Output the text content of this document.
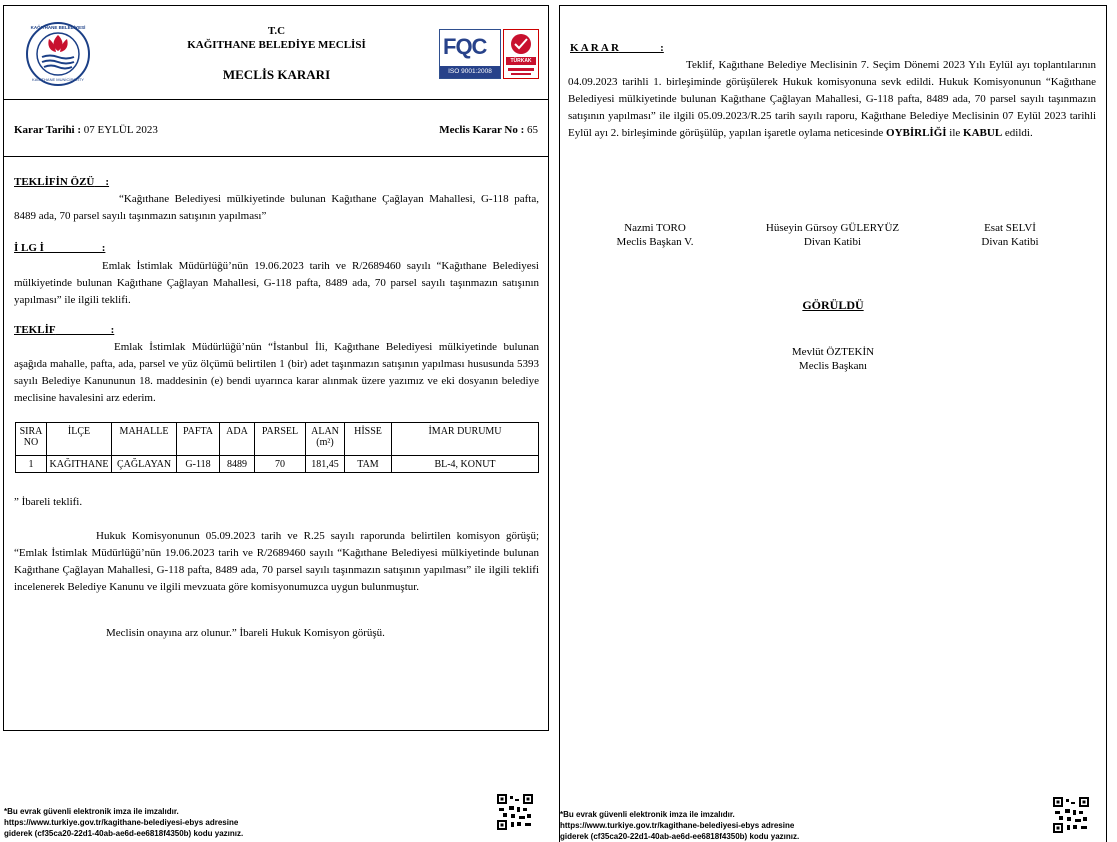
KAĞITHANE BELEDİYESİ
KAĞITHANE MUNİCİPALİTY
T.C
KAĞITHANE BELEDİYE MECLİSİ
MECLİS KARARI
FQC
ISO 9001:2008
TÜRKAK
Karar Tarihi : 07 EYLÜL 2023	Meclis Karar No : 65
TEKLİFİN ÖZÜ    :
“Kağıthane Belediyesi mülkiyetinde bulunan Kağıthane Çağlayan Mahallesi, G-118 pafta, 8489 ada, 70 parsel sayılı taşınmazın satışının yapılması”
İ LG İ                     :
Emlak İstimlak Müdürlüğü’nün 19.06.2023 tarih ve R/2689460 sayılı “Kağıthane Belediyesi mülkiyetinde bulunan Kağıthane Çağlayan Mahallesi, G-118 pafta, 8489 ada, 70 parsel sayılı taşınmazın satışının yapılması” ile ilgili teklifi.
TEKLİF                    :
Emlak İstimlak Müdürlüğü’nün “İstanbul İli, Kağıthane Belediyesi mülkiyetinde bulunan aşağıda mahalle, pafta, ada, parsel ve yüz ölçümü belirtilen 1 (bir) adet taşınmazın satışının yapılması hususunda 5393 sayılı Belediye Kanununun 18. maddesinin (e) bendi uyarınca karar alınmak üzere yazımız ve eki dosyanın belediye meclisine havalesini arz ederim.
SIRA NO	İLÇE	MAHALLE	PAFTA	ADA	PARSEL	ALAN (m²)	HİSSE	İMAR DURUMU
1	KAĞITHANE	ÇAĞLAYAN	G-118	8489	70	181,45	TAM	BL-4, KONUT
” İbareli teklifi.
Hukuk Komisyonunun 05.09.2023 tarih ve R.25 sayılı raporunda belirtilen komisyon görüşü; “Emlak İstimlak Müdürlüğü’nün 19.06.2023 tarih ve R/2689460 sayılı “Kağıthane Belediyesi mülkiyetinde bulunan Kağıthane Çağlayan Mahallesi, G-118 pafta, 8489 ada, 70 parsel sayılı taşınmazın satışının yapılması” ile ilgili teklifi incelenerek Belediye Kanunu ve ilgili mevzuata göre komisyonumuzca uygun bulunmuştur.
Meclisin onayına arz olunur.” İbareli Hukuk Komisyon görüşü.
*Bu evrak güvenli elektronik imza ile imzalıdır.
https://www.turkiye.gov.tr/kagithane-belediyesi-ebys adresine
giderek (cf35ca20-22d1-40ab-ae6d-ee6818f4350b) kodu yazınız.
K A R A R               :
Teklif, Kağıthane Belediye Meclisinin 7. Seçim Dönemi 2023 Yılı Eylül ayı toplantılarının 04.09.2023 tarihli 1. birleşiminde görüşülerek Hukuk komisyonuna sevk edildi. Hukuk Komisyonunun “Kağıthane Belediyesi mülkiyetinde bulunan Kağıthane Çağlayan Mahallesi, G-118 pafta, 8489 ada, 70 parsel sayılı taşınmazın satışının yapılması” ile ilgili 05.09.2023/R.25 tarih sayılı raporu, Kağıthane Belediye Meclisinin 07 Eylül 2023 tarihli Eylül ayı 2. birleşiminde görüşülüp, yapılan işaretle oylama neticesinde OYBİRLİĞİ ile KABUL edildi.
Nazmi TORO
Meclis Başkan V.
Hüseyin Gürsoy GÜLERYÜZ
Divan Katibi
Esat SELVİ
Divan Katibi
GÖRÜLDÜ
Mevlüt ÖZTEKİN
Meclis Başkanı
*Bu evrak güvenli elektronik imza ile imzalıdır.
https://www.turkiye.gov.tr/kagithane-belediyesi-ebys adresine
giderek (cf35ca20-22d1-40ab-ae6d-ee6818f4350b) kodu yazınız.
